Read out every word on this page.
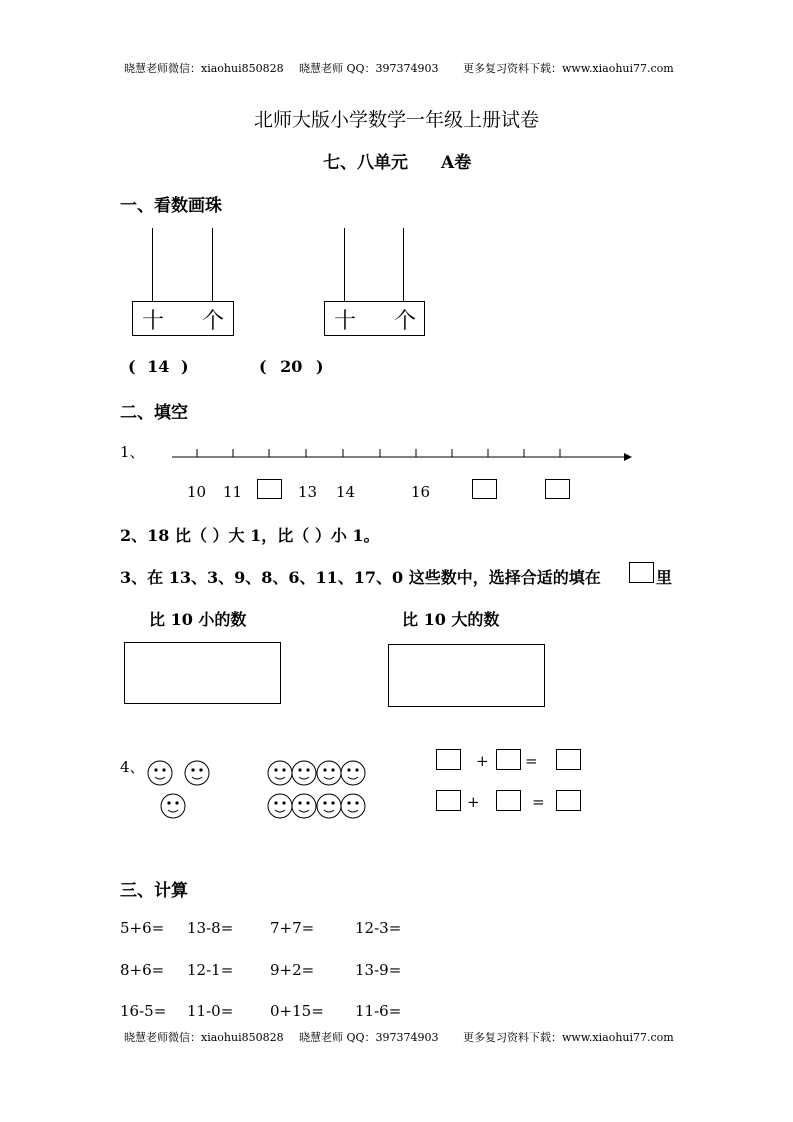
晓慧老师微信：xiaohui850828 晓慧老师 QQ：397374903 更多复习资料下载：www.xiaohui77.com
北师大版小学数学一年级上册试卷
七、八单元 A卷
一、看数画珠
十 个	十 个
( 14 )	( 20 )
二、填空
1、
10 11	13 14	16
2、18 比（ ）大 1，比（ ）小 1。
3、在 13、3、9、8、6、11、17、0 这些数中，选择合适的填在	里
比 10 小的数	比 10 大的数
4、	+ =
+	=
三、计算
5+6= 13-8= 7+7=	12-3=
8+6= 12-1= 9+2=	13-9=
16-5= 11-0= 0+15= 11-6=
晓慧老师微信：xiaohui850828 晓慧老师 QQ：397374903 更多复习资料下载：www.xiaohui77.com
